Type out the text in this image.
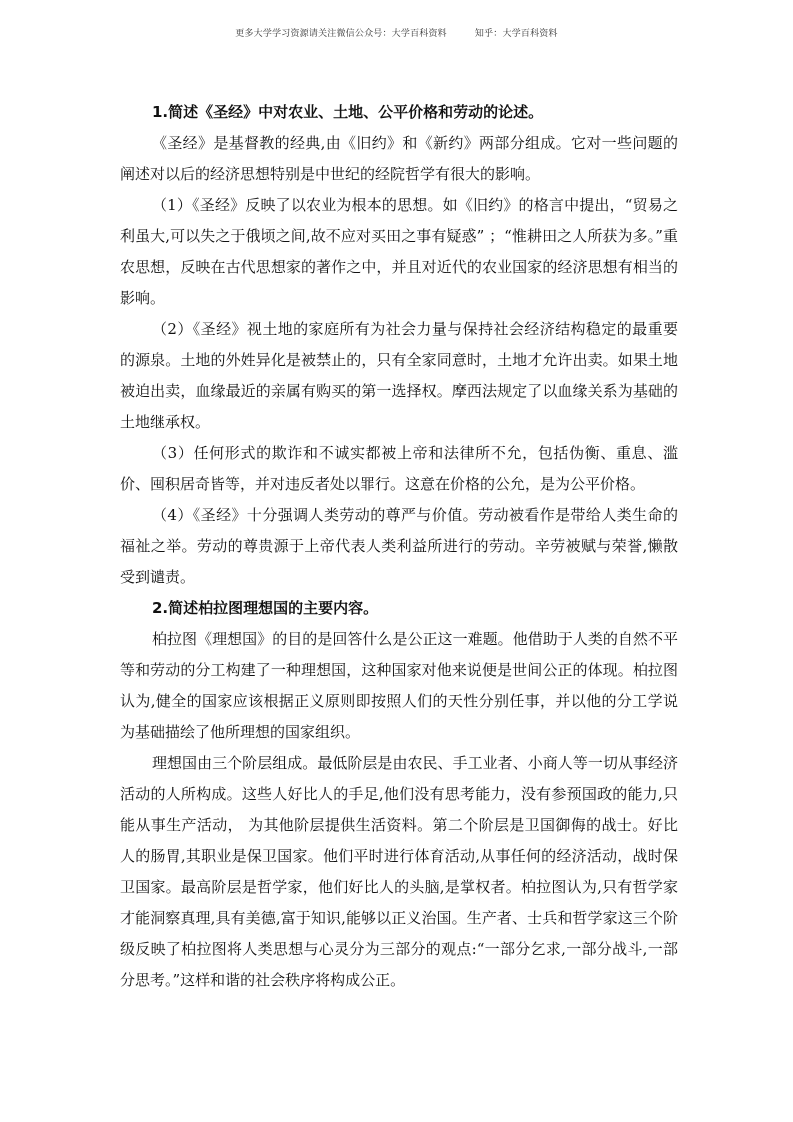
更多大学学习资源请关注微信公众号：大学百科资料	知乎：大学百科资料
1.简述《圣经》中对农业、土地、公平价格和劳动的论述。

《圣经》是基督教的经典,由《旧约》和《新约》两部分组成。它对一些问题的阐述对以后的经济思想特别是中世纪的经院哲学有很大的影响。

（1）《圣经》反映了以农业为根本的思想。如《旧约》的格言中提出，“贸易之利虽大,可以失之于俄顷之间,故不应对买田之事有疑惑” ；“惟耕田之人所获为多。”重农思想，反映在古代思想家的著作之中，并且对近代的农业国家的经济思想有相当的影响。

（2）《圣经》视土地的家庭所有为社会力量与保持社会经济结构稳定的最重要的源泉。土地的外姓异化是被禁止的，只有全家同意时，土地才允许出卖。如果土地被迫出卖，血缘最近的亲属有购买的第一选择权。摩西法规定了以血缘关系为基础的土地继承权。

（3）任何形式的欺诈和不诚实都被上帝和法律所不允，包括伪衡、重息、滥价、囤积居奇皆等，并对违反者处以罪行。这意在价格的公允，是为公平价格。

（4）《圣经》十分强调人类劳动的尊严与价值。劳动被看作是带给人类生命的福祉之举。劳动的尊贵源于上帝代表人类利益所进行的劳动。辛劳被赋与荣誉,懒散受到谴责。

2.简述柏拉图理想国的主要内容。

柏拉图《理想国》的目的是回答什么是公正这一难题。他借助于人类的自然不平等和劳动的分工构建了一种理想国，这种国家对他来说便是世间公正的体现。柏拉图认为,健全的国家应该根据正义原则即按照人们的天性分别任事，并以他的分工学说为基础描绘了他所理想的国家组织。

理想国由三个阶层组成。最低阶层是由农民、手工业者、小商人等一切从事经济活动的人所构成。这些人好比人的手足,他们没有思考能力，没有参预国政的能力,只能从事生产活动， 为其他阶层提供生活资料。第二个阶层是卫国御侮的战士。好比人的肠胃,其职业是保卫国家。他们平时进行体育活动,从事任何的经济活动，战时保卫国家。最高阶层是哲学家，他们好比人的头脑,是掌权者。柏拉图认为,只有哲学家才能洞察真理,具有美德,富于知识,能够以正义治国。生产者、士兵和哲学家这三个阶级反映了柏拉图将人类思想与心灵分为三部分的观点:“一部分乞求,一部分战斗,一部分思考。”这样和谐的社会秩序将构成公正。
